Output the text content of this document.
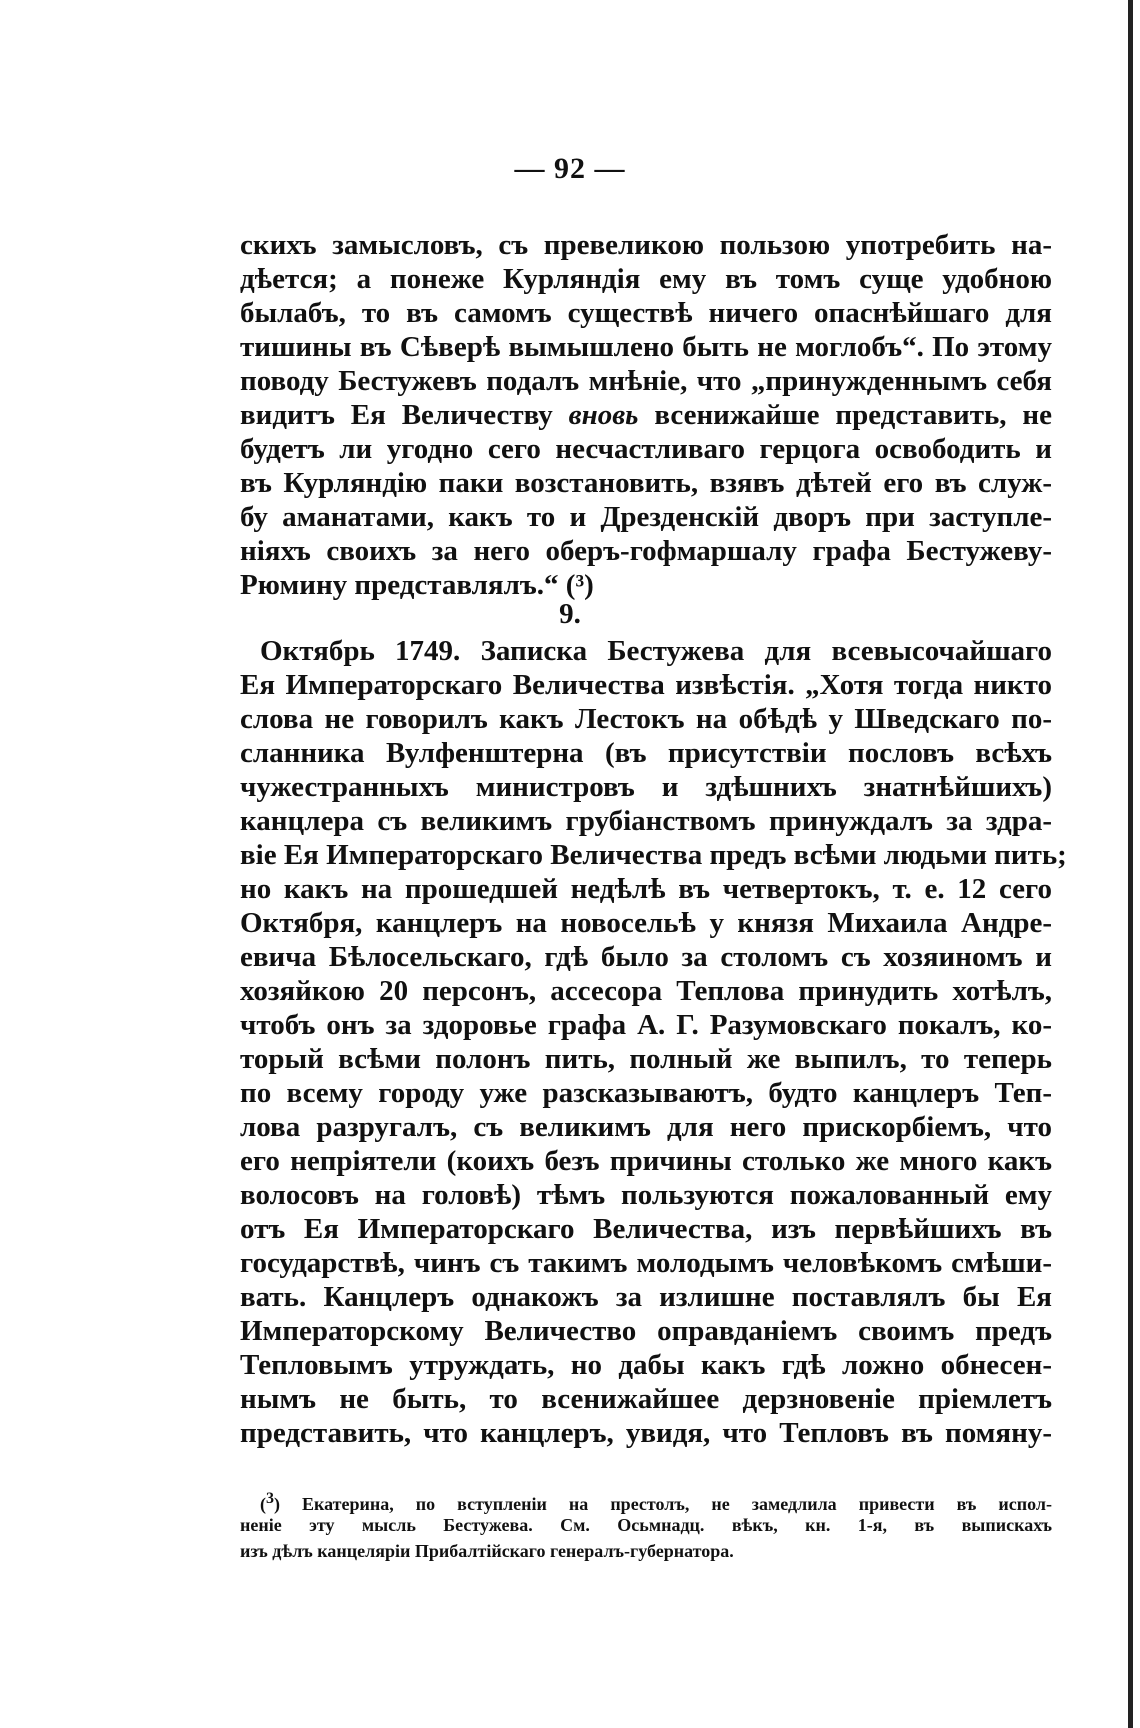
— 92 —
скихъ замысловъ, съ превеликою пользою употребить на-
дѣется; а понеже Курляндія ему въ томъ суще удобною
былабъ, то въ самомъ существѣ ничего опаснѣйшаго для
тишины въ Сѣверѣ вымышлено быть не моглобъ“. По этому
поводу Бестужевъ подалъ мнѣніе, что „принужденнымъ себя
видитъ Ея Величеству вновь всенижайше представить, не
будетъ ли угодно сего несчастливаго герцога освободить и
въ Курляндію паки возстановить, взявъ дѣтей его въ служ-
бу аманатами, какъ то и Дрезденскій дворъ при заступле-
ніяхъ своихъ за него оберъ-гофмаршалу графа Бестужеву-
Рюмину представлялъ.“ (³)
9.
Октябрь 1749. Записка Бестужева для всевысочайшаго
Ея Императорскаго Величества извѣстія. „Хотя тогда никто
слова не говорилъ какъ Лестокъ на обѣдѣ у Шведскаго по-
сланника Вулфенштерна (въ присутствіи пословъ всѣхъ
чужестранныхъ министровъ и здѣшнихъ знатнѣйшихъ)
канцлера съ великимъ грубіанствомъ принуждалъ за здра-
віе Ея Императорскаго Величества предъ всѣми людьми пить;
но какъ на прошедшей недѣлѣ въ четвертокъ, т. е. 12 сего
Октября, канцлеръ на новосельѣ у князя Михаила Андре-
евича Бѣлосельскаго, гдѣ было за столомъ съ хозяиномъ и
хозяйкою 20 персонъ, ассесора Теплова принудить хотѣлъ,
чтобъ онъ за здоровье графа А. Г. Разумовскаго покалъ, ко-
торый всѣми полонъ пить, полный же выпилъ, то теперь
по всему городу уже разсказываютъ, будто канцлеръ Теп-
лова разругалъ, съ великимъ для него прискорбіемъ, что
его непріятели (коихъ безъ причины столько же много какъ
волосовъ на головѣ) тѣмъ пользуются пожалованный ему
отъ Ея Императорскаго Величества, изъ первѣйшихъ въ
государствѣ, чинъ съ такимъ молодымъ человѣкомъ смѣши-
вать. Канцлеръ однакожъ за излишне поставлялъ бы Ея
Императорскому Величество оправданіемъ своимъ предъ
Тепловымъ утруждать, но дабы какъ гдѣ ложно обнесен-
нымъ не быть, то всенижайшее дерзновеніе пріемлетъ
представить, что канцлеръ, увидя, что Тепловъ въ помяну-
(3) Екатерина, по вступленіи на престолъ, не замедлила привести въ испол-
неніе эту мысль Бестужева. См. Осьмнадц. вѣкъ, кн. 1-я, въ выпискахъ
изъ дѣлъ канцеляріи Прибалтійскаго генералъ-губернатора.
